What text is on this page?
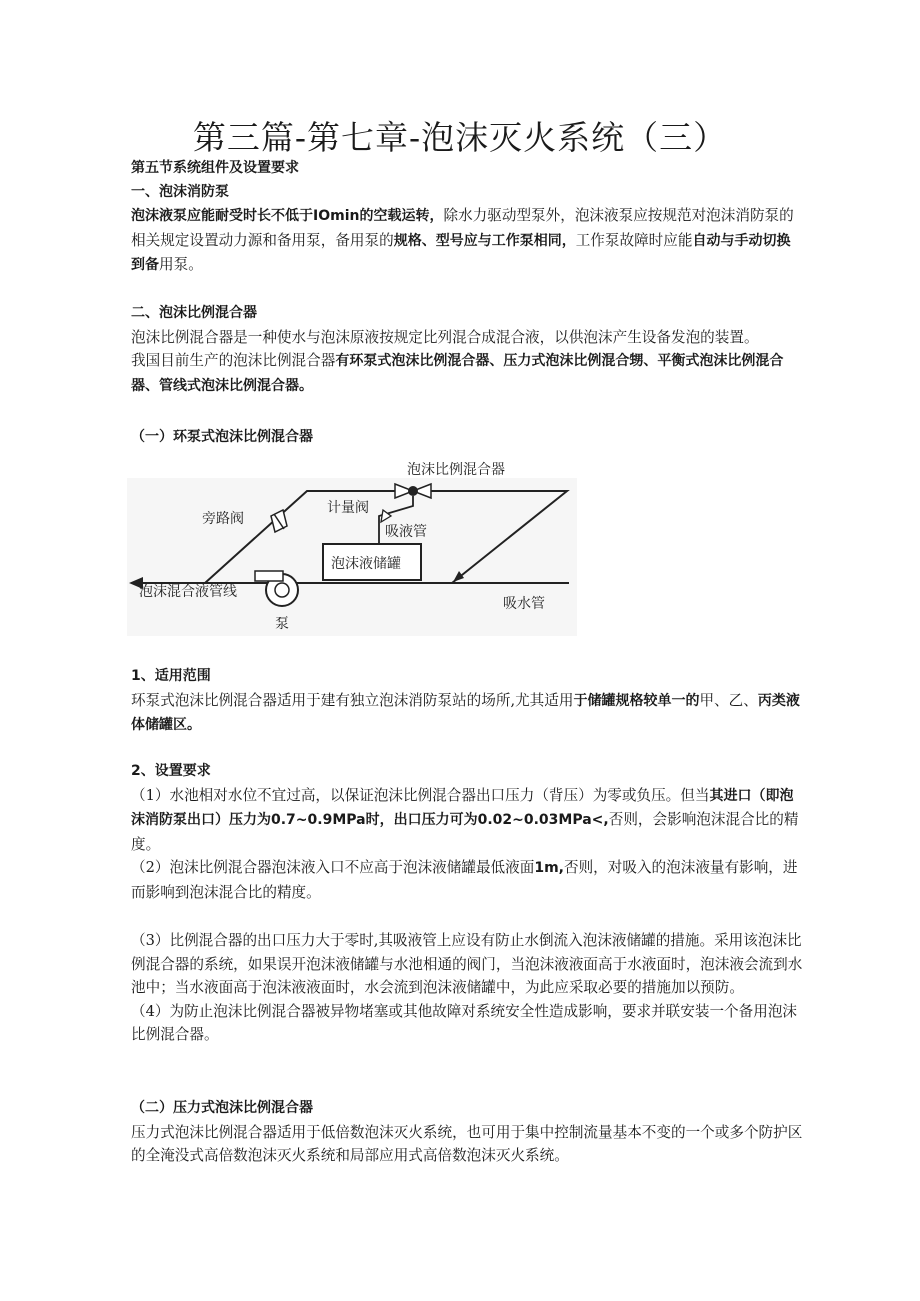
第三篇-第七章-泡沫灭火系统（三）

第五节系统组件及设置要求

一、泡沫消防泵

泡沫液泵应能耐受时长不低于IOmin的空载运转，除水力驱动型泵外，泡沫液泵应按规范对泡沫消防泵的相关规定设置动力源和备用泵，备用泵的规格、型号应与工作泵相同，工作泵故障时应能自动与手动切换到备用泵。

二、泡沫比例混合器

泡沫比例混合器是一种使水与泡沫原液按规定比列混合成混合液，以供泡沫产生设备发泡的装置。

我国目前生产的泡沫比例混合器有环泵式泡沫比例混合器、压力式泡沫比例混合甥、平衡式泡沫比例混合器、管线式泡沫比例混合器。

（一）环泵式泡沫比例混合器

泡沫比例混合器
旁路阀
计量阀
吸液管
泡沫液储罐
泡沫混合液管线
吸水管
泵

1、适用范围

环泵式泡沫比例混合器适用于建有独立泡沫消防泵站的场所,尤其适用于储罐规格较单一的甲、乙、丙类液体储罐区。

2、设置要求

（1）水池相对水位不宜过高，以保证泡沫比例混合器出口压力（背压）为零或负压。但当其进口（即泡沫消防泵出口）压力为0.7~0.9MPa时，出口压力可为0.02~0.03MPa<,否则，会影响泡沫混合比的精度。

（2）泡沫比例混合器泡沫液入口不应高于泡沫液储罐最低液面1m,否则，对吸入的泡沫液量有影响，进而影响到泡沫混合比的精度。

（3）比例混合器的出口压力大于零时,其吸液管上应设有防止水倒流入泡沫液储罐的措施。采用该泡沫比例混合器的系统，如果误开泡沫液储罐与水池相通的阀门，当泡沫液液面高于水液面时，泡沫液会流到水池中；当水液面高于泡沫液液面时，水会流到泡沫液储罐中，为此应采取必要的措施加以预防。

（4）为防止泡沫比例混合器被异物堵塞或其他故障对系统安全性造成影响，要求并联安装一个备用泡沫比例混合器。

（二）压力式泡沫比例混合器

压力式泡沫比例混合器适用于低倍数泡沫灭火系统，也可用于集中控制流量基本不变的一个或多个防护区的全淹没式高倍数泡沫灭火系统和局部应用式高倍数泡沫灭火系统。
